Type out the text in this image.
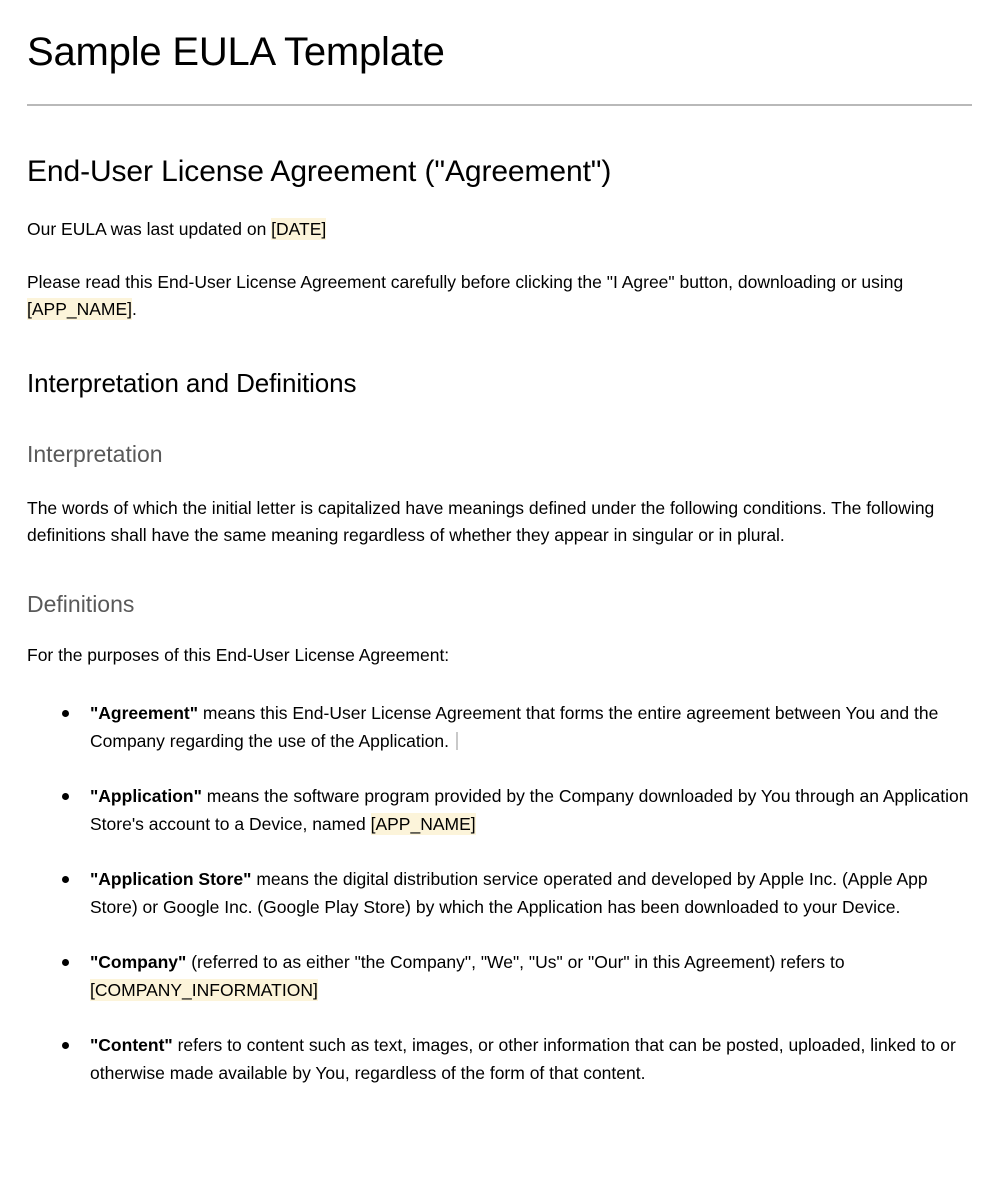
Sample EULA Template
End-User License Agreement ("Agreement")

Our EULA was last updated on [DATE]

Please read this End-User License Agreement carefully before clicking the "I Agree" button, downloading or using [APP_NAME].

Interpretation and Definitions
Interpretation

The words of which the initial letter is capitalized have meanings defined under the following conditions. The following definitions shall have the same meaning regardless of whether they appear in singular or in plural.

Definitions

For the purposes of this End-User License Agreement:

"Agreement" means this End-User License Agreement that forms the entire agreement between You and the Company regarding the use of the Application.
"Application" means the software program provided by the Company downloaded by You through an Application Store's account to a Device, named [APP_NAME]
"Application Store" means the digital distribution service operated and developed by Apple Inc. (Apple App Store) or Google Inc. (Google Play Store) by which the Application has been downloaded to your Device.
"Company" (referred to as either "the Company", "We", "Us" or "Our" in this Agreement) refers to [COMPANY_INFORMATION]
"Content" refers to content such as text, images, or other information that can be posted, uploaded, linked to or otherwise made available by You, regardless of the form of that content.
